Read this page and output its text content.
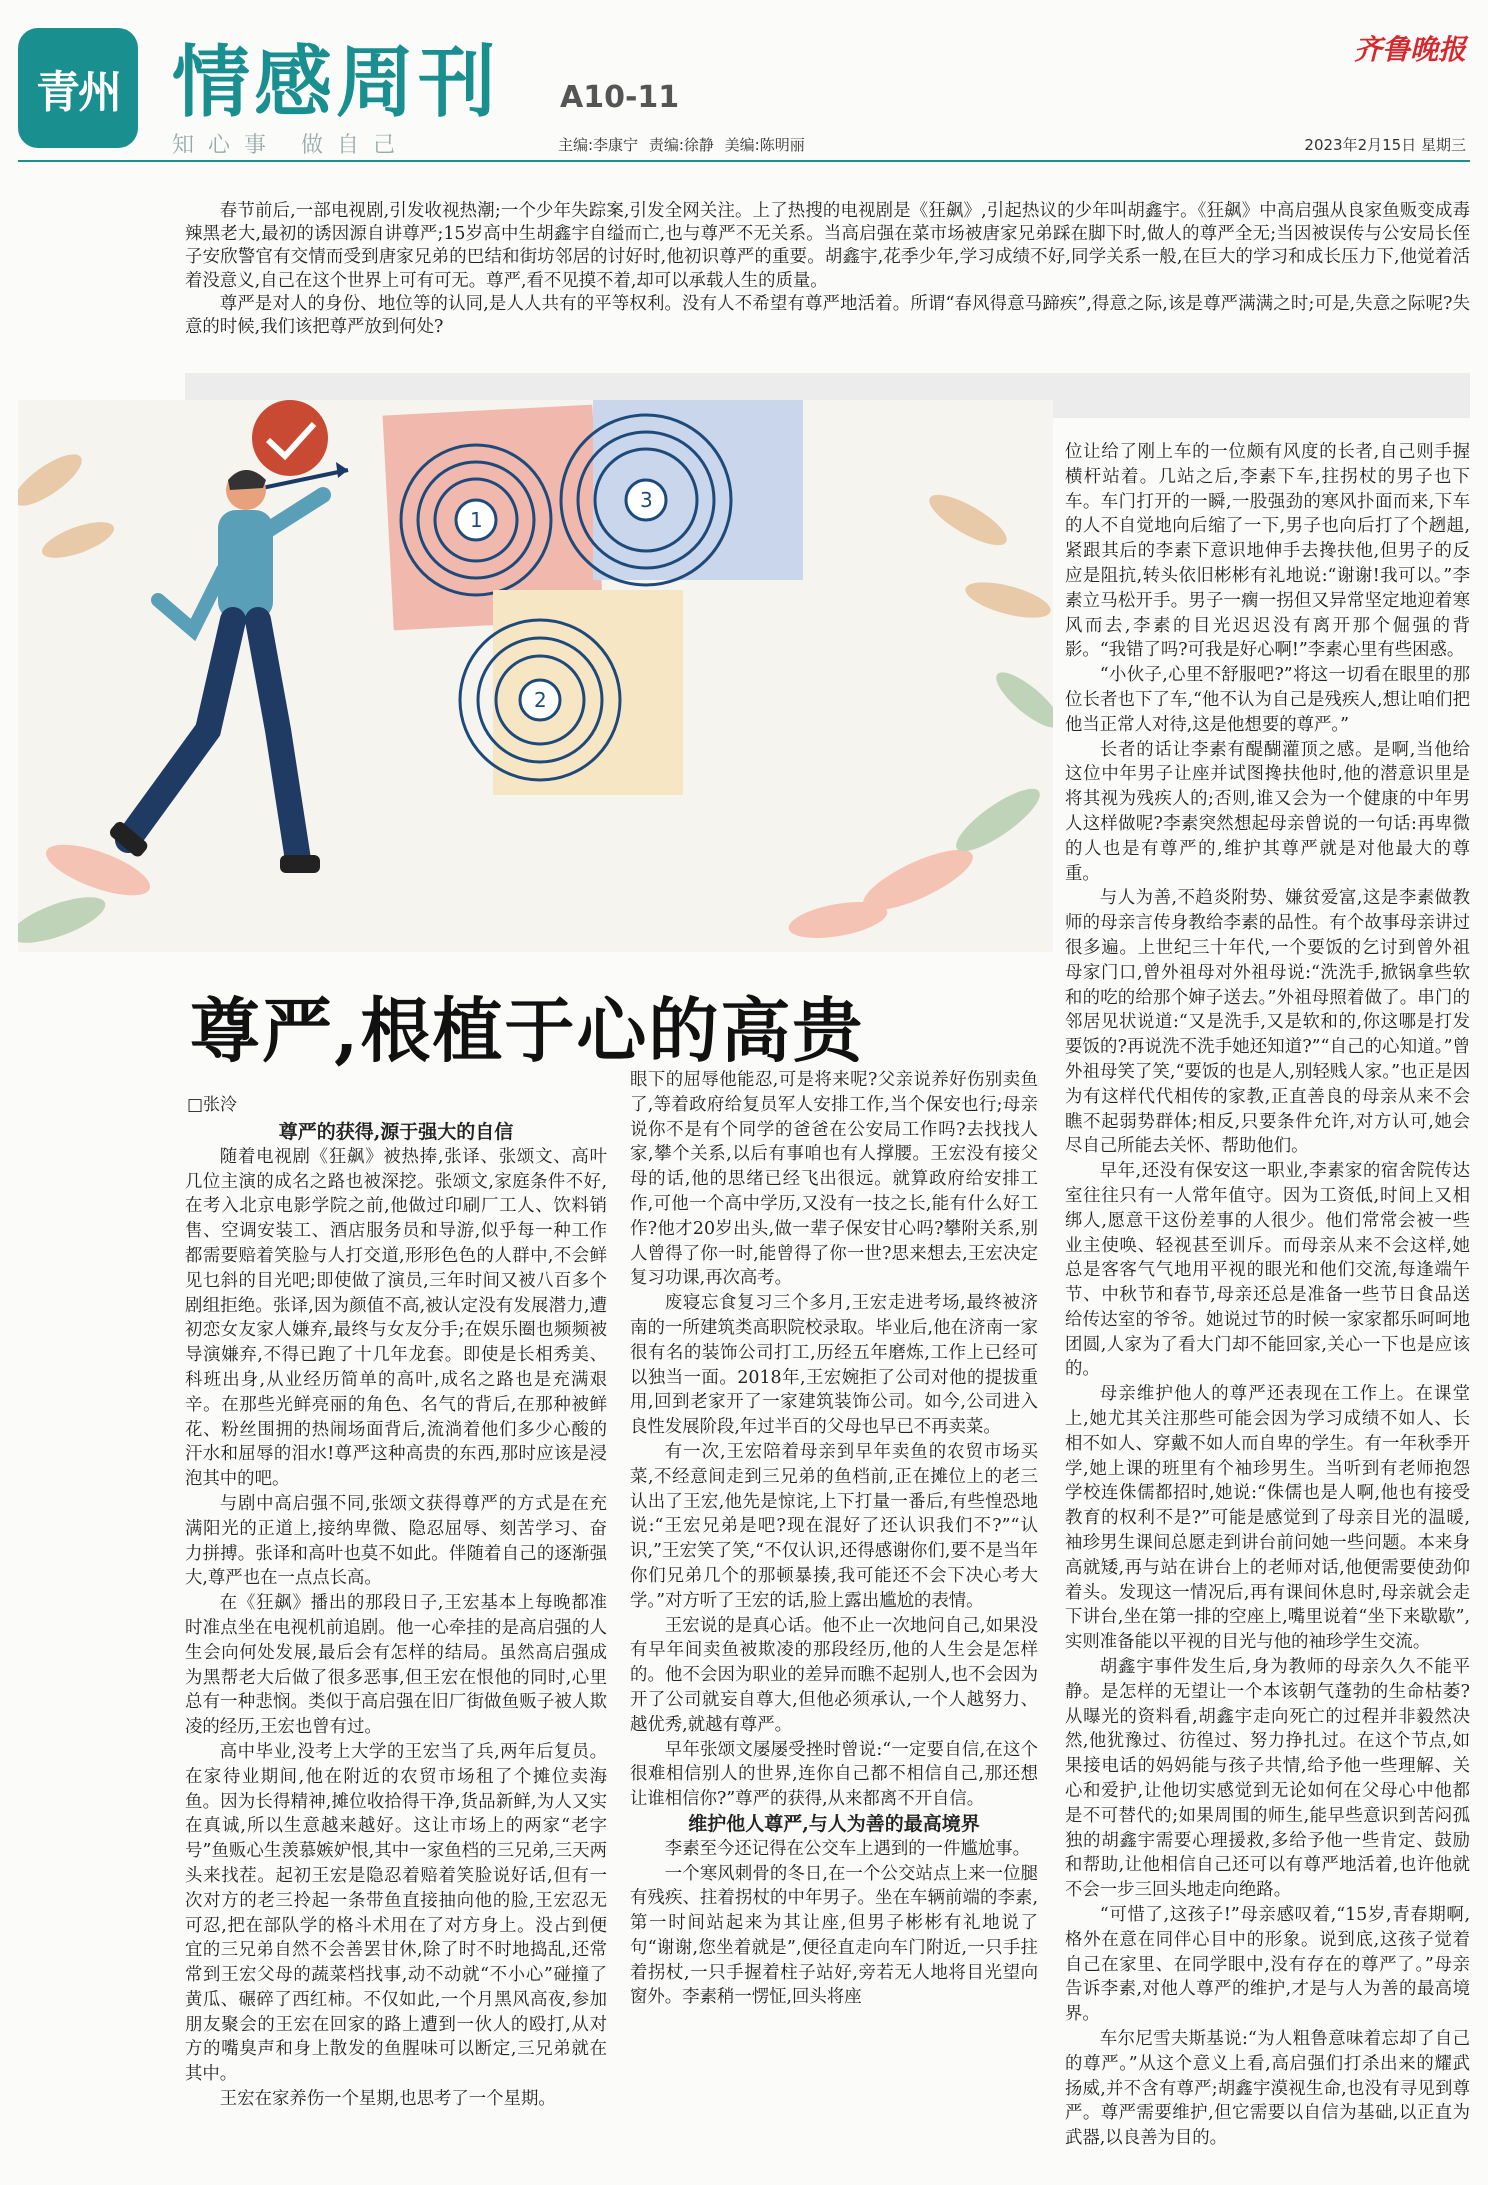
青州 情感周刊 A10-11
知心事 做自己	主编:李康宁 责编:徐静 美编:陈明丽
齐鲁晚报
2023年2月15日 星期三

春节前后,一部电视剧,引发收视热潮;一个少年失踪案,引发全网关注。上了热搜的电视剧是《狂飙》,引起热议的少年叫胡鑫宇。《狂飙》中高启强从良家鱼贩变成毒辣黑老大,最初的诱因源自讲尊严;15岁高中生胡鑫宇自缢而亡,也与尊严不无关系。当高启强在菜市场被唐家兄弟踩在脚下时,做人的尊严全无;当因被误传与公安局长侄子安欣警官有交情而受到唐家兄弟的巴结和街坊邻居的讨好时,他初识尊严的重要。胡鑫宇,花季少年,学习成绩不好,同学关系一般,在巨大的学习和成长压力下,他觉着活着没意义,自己在这个世界上可有可无。尊严,看不见摸不着,却可以承载人生的质量。

尊严是对人的身份、地位等的认同,是人人共有的平等权利。没有人不希望有尊严地活着。所谓“春风得意马蹄疾”,得意之际,该是尊严满满之时;可是,失意之际呢?失意的时候,我们该把尊严放到何处?

1
3
2
尊严,根植于心的高贵
□张泠

尊严的获得,源于强大的自信

随着电视剧《狂飙》被热捧,张译、张颂文、高叶几位主演的成名之路也被深挖。张颂文,家庭条件不好,在考入北京电影学院之前,他做过印刷厂工人、饮料销售、空调安装工、酒店服务员和导游,似乎每一种工作都需要赔着笑脸与人打交道,形形色色的人群中,不会鲜见乜斜的目光吧;即使做了演员,三年时间又被八百多个剧组拒绝。张译,因为颜值不高,被认定没有发展潜力,遭初恋女友家人嫌弃,最终与女友分手;在娱乐圈也频频被导演嫌弃,不得已跑了十几年龙套。即使是长相秀美、科班出身,从业经历简单的高叶,成名之路也是充满艰辛。在那些光鲜亮丽的角色、名气的背后,在那种被鲜花、粉丝围拥的热闹场面背后,流淌着他们多少心酸的汗水和屈辱的泪水!尊严这种高贵的东西,那时应该是浸泡其中的吧。

与剧中高启强不同,张颂文获得尊严的方式是在充满阳光的正道上,接纳卑微、隐忍屈辱、刻苦学习、奋力拼搏。张译和高叶也莫不如此。伴随着自己的逐渐强大,尊严也在一点点长高。

在《狂飙》播出的那段日子,王宏基本上每晚都准时准点坐在电视机前追剧。他一心牵挂的是高启强的人生会向何处发展,最后会有怎样的结局。虽然高启强成为黑帮老大后做了很多恶事,但王宏在恨他的同时,心里总有一种悲悯。类似于高启强在旧厂街做鱼贩子被人欺凌的经历,王宏也曾有过。

高中毕业,没考上大学的王宏当了兵,两年后复员。在家待业期间,他在附近的农贸市场租了个摊位卖海鱼。因为长得精神,摊位收拾得干净,货品新鲜,为人又实在真诚,所以生意越来越好。这让市场上的两家“老字号”鱼贩心生羡慕嫉妒恨,其中一家鱼档的三兄弟,三天两头来找茬。起初王宏是隐忍着赔着笑脸说好话,但有一次对方的老三拎起一条带鱼直接抽向他的脸,王宏忍无可忍,把在部队学的格斗术用在了对方身上。没占到便宜的三兄弟自然不会善罢甘休,除了时不时地捣乱,还常常到王宏父母的蔬菜档找事,动不动就“不小心”碰撞了黄瓜、碾碎了西红柿。不仅如此,一个月黑风高夜,参加朋友聚会的王宏在回家的路上遭到一伙人的殴打,从对方的嘴臭声和身上散发的鱼腥味可以断定,三兄弟就在其中。

王宏在家养伤一个星期,也思考了一个星期。

眼下的屈辱他能忍,可是将来呢?父亲说养好伤别卖鱼了,等着政府给复员军人安排工作,当个保安也行;母亲说你不是有个同学的爸爸在公安局工作吗?去找找人家,攀个关系,以后有事咱也有人撑腰。王宏没有接父母的话,他的思绪已经飞出很远。就算政府给安排工作,可他一个高中学历,又没有一技之长,能有什么好工作?他才20岁出头,做一辈子保安甘心吗?攀附关系,别人曾得了你一时,能曾得了你一世?思来想去,王宏决定复习功课,再次高考。

废寝忘食复习三个多月,王宏走进考场,最终被济南的一所建筑类高职院校录取。毕业后,他在济南一家很有名的装饰公司打工,历经五年磨炼,工作上已经可以独当一面。2018年,王宏婉拒了公司对他的提拔重用,回到老家开了一家建筑装饰公司。如今,公司进入良性发展阶段,年过半百的父母也早已不再卖菜。

有一次,王宏陪着母亲到早年卖鱼的农贸市场买菜,不经意间走到三兄弟的鱼档前,正在摊位上的老三认出了王宏,他先是惊诧,上下打量一番后,有些惶恐地说:“王宏兄弟是吧?现在混好了还认识我们不?”“认识,”王宏笑了笑,“不仅认识,还得感谢你们,要不是当年你们兄弟几个的那顿暴揍,我可能还不会下决心考大学。”对方听了王宏的话,脸上露出尴尬的表情。

王宏说的是真心话。他不止一次地问自己,如果没有早年间卖鱼被欺凌的那段经历,他的人生会是怎样的。他不会因为职业的差异而瞧不起别人,也不会因为开了公司就妄自尊大,但他必须承认,一个人越努力、越优秀,就越有尊严。

早年张颂文屡屡受挫时曾说:“一定要自信,在这个很难相信别人的世界,连你自己都不相信自己,那还想让谁相信你?”尊严的获得,从来都离不开自信。

维护他人尊严,与人为善的最高境界

李素至今还记得在公交车上遇到的一件尴尬事。

一个寒风刺骨的冬日,在一个公交站点上来一位腿有残疾、拄着拐杖的中年男子。坐在车辆前端的李素,第一时间站起来为其让座,但男子彬彬有礼地说了句“谢谢,您坐着就是”,便径直走向车门附近,一只手拄着拐杖,一只手握着柱子站好,旁若无人地将目光望向窗外。李素稍一愣怔,回头将座

位让给了刚上车的一位颇有风度的长者,自己则手握横杆站着。几站之后,李素下车,拄拐杖的男子也下车。车门打开的一瞬,一股强劲的寒风扑面而来,下车的人不自觉地向后缩了一下,男子也向后打了个趔趄,紧跟其后的李素下意识地伸手去搀扶他,但男子的反应是阻抗,转头依旧彬彬有礼地说:“谢谢!我可以。”李素立马松开手。男子一瘸一拐但又异常坚定地迎着寒风而去,李素的目光迟迟没有离开那个倔强的背影。“我错了吗?可我是好心啊!”李素心里有些困惑。

“小伙子,心里不舒服吧?”将这一切看在眼里的那位长者也下了车,“他不认为自己是残疾人,想让咱们把他当正常人对待,这是他想要的尊严。”

长者的话让李素有醍醐灌顶之感。是啊,当他给这位中年男子让座并试图搀扶他时,他的潜意识里是将其视为残疾人的;否则,谁又会为一个健康的中年男人这样做呢?李素突然想起母亲曾说的一句话:再卑微的人也是有尊严的,维护其尊严就是对他最大的尊重。

与人为善,不趋炎附势、嫌贫爱富,这是李素做教师的母亲言传身教给李素的品性。有个故事母亲讲过很多遍。上世纪三十年代,一个要饭的乞讨到曾外祖母家门口,曾外祖母对外祖母说:“洗洗手,掀锅拿些软和的吃的给那个婶子送去。”外祖母照着做了。串门的邻居见状说道:“又是洗手,又是软和的,你这哪是打发要饭的?再说洗不洗手她还知道?”“自己的心知道。”曾外祖母笑了笑,“要饭的也是人,别轻贱人家。”也正是因为有这样代代相传的家教,正直善良的母亲从来不会瞧不起弱势群体;相反,只要条件允许,对方认可,她会尽自己所能去关怀、帮助他们。

早年,还没有保安这一职业,李素家的宿舍院传达室往往只有一人常年值守。因为工资低,时间上又相绑人,愿意干这份差事的人很少。他们常常会被一些业主使唤、轻视甚至训斥。而母亲从来不会这样,她总是客客气气地用平视的眼光和他们交流,每逢端午节、中秋节和春节,母亲还总是准备一些节日食品送给传达室的爷爷。她说过节的时候一家家都乐呵呵地团圆,人家为了看大门却不能回家,关心一下也是应该的。

母亲维护他人的尊严还表现在工作上。在课堂上,她尤其关注那些可能会因为学习成绩不如人、长相不如人、穿戴不如人而自卑的学生。有一年秋季开学,她上课的班里有个袖珍男生。当听到有老师抱怨学校连侏儒都招时,她说:“侏儒也是人啊,他也有接受教育的权利不是?”可能是感觉到了母亲目光的温暖,袖珍男生课间总愿走到讲台前问她一些问题。本来身高就矮,再与站在讲台上的老师对话,他便需要使劲仰着头。发现这一情况后,再有课间休息时,母亲就会走下讲台,坐在第一排的空座上,嘴里说着“坐下来歇歇”,实则准备能以平视的目光与他的袖珍学生交流。

胡鑫宇事件发生后,身为教师的母亲久久不能平静。是怎样的无望让一个本该朝气蓬勃的生命枯萎?从曝光的资料看,胡鑫宇走向死亡的过程并非毅然决然,他犹豫过、彷徨过、努力挣扎过。在这个节点,如果接电话的妈妈能与孩子共情,给予他一些理解、关心和爱护,让他切实感觉到无论如何在父母心中他都是不可替代的;如果周围的师生,能早些意识到苦闷孤独的胡鑫宇需要心理援救,多给予他一些肯定、鼓励和帮助,让他相信自己还可以有尊严地活着,也许他就不会一步三回头地走向绝路。

“可惜了,这孩子!”母亲感叹着,“15岁,青春期啊,格外在意在同伴心目中的形象。说到底,这孩子觉着自己在家里、在同学眼中,没有存在的尊严了。”母亲告诉李素,对他人尊严的维护,才是与人为善的最高境界。

车尔尼雪夫斯基说:“为人粗鲁意味着忘却了自己的尊严。”从这个意义上看,高启强们打杀出来的耀武扬威,并不含有尊严;胡鑫宇漠视生命,也没有寻见到尊严。尊严需要维护,但它需要以自信为基础,以正直为武器,以良善为目的。
